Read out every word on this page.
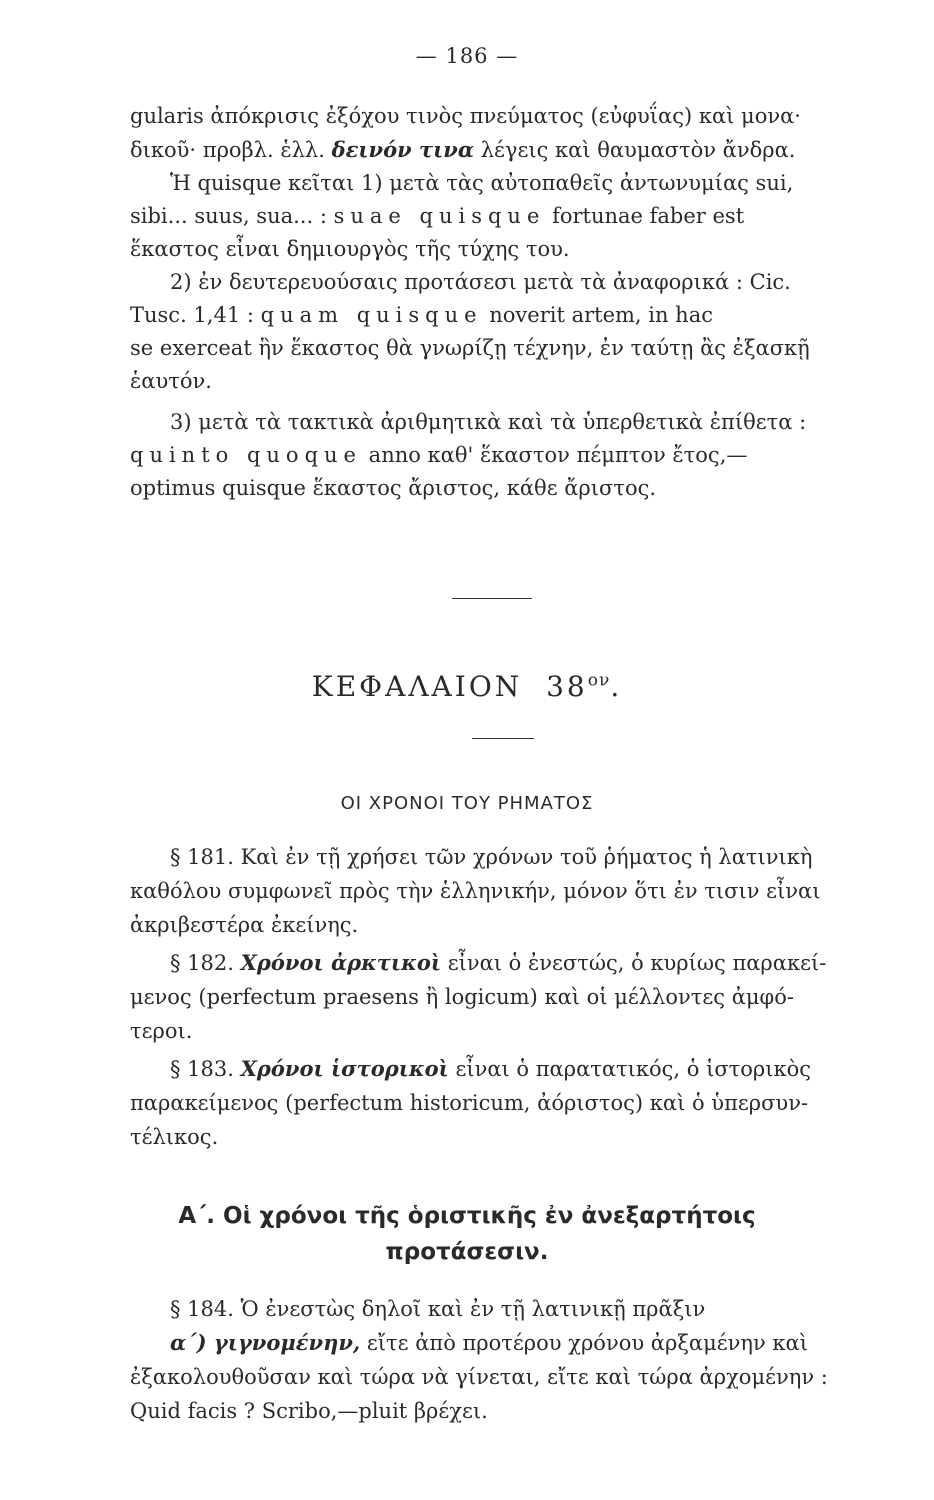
— 186 —
gularis ἀπόκρισις ἐξόχου τινὸς πνεύματος (εὐφυΐας) καὶ μονα·
δικοῦ· προβλ. ἑλλ. δεινόν τινα λέγεις καὶ θαυμαστὸν ἄνδρα.
Ἡ quisque κεῖται 1) μετὰ τὰς αὐτοπαθεῖς ἀντωνυμίας sui,
sibi... suus, sua... : suae quisque fortunae faber est
ἕκαστος εἶναι δημιουργὸς τῆς τύχης του.
2) ἐν δευτερευούσαις προτάσεσι μετὰ τὰ ἀναφορικά : Cic.
Tusc. 1,41 : quam quisque noverit artem, in hac
se exerceat ἣν ἕκαστος θὰ γνωρίζῃ τέχνην, ἐν ταύτῃ ἂς ἐξασκῇ
ἑαυτόν.
3) μετὰ τὰ τακτικὰ ἀριθμητικὰ καὶ τὰ ὑπερθετικὰ ἐπίθετα :
quinto quoque anno καθ' ἕκαστον πέμπτον ἔτος,—
optimus quisque ἕκαστος ἄριστος, κάθε ἄριστος.
ΚΕΦΑΛΑΙΟΝ $38^{o\nu}$.
ΟΙ ΧΡΟΝΟΙ ΤΟΥ ΡΗΜΑΤΟΣ
§ 181. Καὶ ἐν τῇ χρήσει τῶν χρόνων τοῦ ῥήματος ἡ λατινικὴ
καθόλου συμφωνεῖ πρὸς τὴν ἑλληνικήν, μόνον ὅτι ἐν τισιν εἶναι
ἀκριβεστέρα ἐκείνης.
§ 182. Χρόνοι ἀρκτικοὶ εἶναι ὁ ἐνεστώς, ὁ κυρίως παρακεί-
μενος (perfectum praesens ἢ logicum) καὶ οἱ μέλλοντες ἀμφό-
τεροι.
§ 183. Χρόνοι ἱστορικοὶ εἶναι ὁ παρατατικός, ὁ ἱστορικὸς
παρακείμενος (perfectum historicum, ἀόριστος) καὶ ὁ ὑπερσυν-
τέλικος.
Α΄. Οἱ χρόνοι τῆς ὁριστικῆς ἐν ἀνεξαρτήτοις
προτάσεσιν.
§ 184. Ὁ ἐνεστὼς δηλοῖ καὶ ἐν τῇ λατινικῇ πρᾶξιν
α΄) γιγνομένην, εἴτε ἀπὸ προτέρου χρόνου ἀρξαμένην καὶ
ἐξακολουθοῦσαν καὶ τώρα νὰ γίνεται, εἴτε καὶ τώρα ἀρχομένην :
Quid facis ? Scribo,—pluit βρέχει.
